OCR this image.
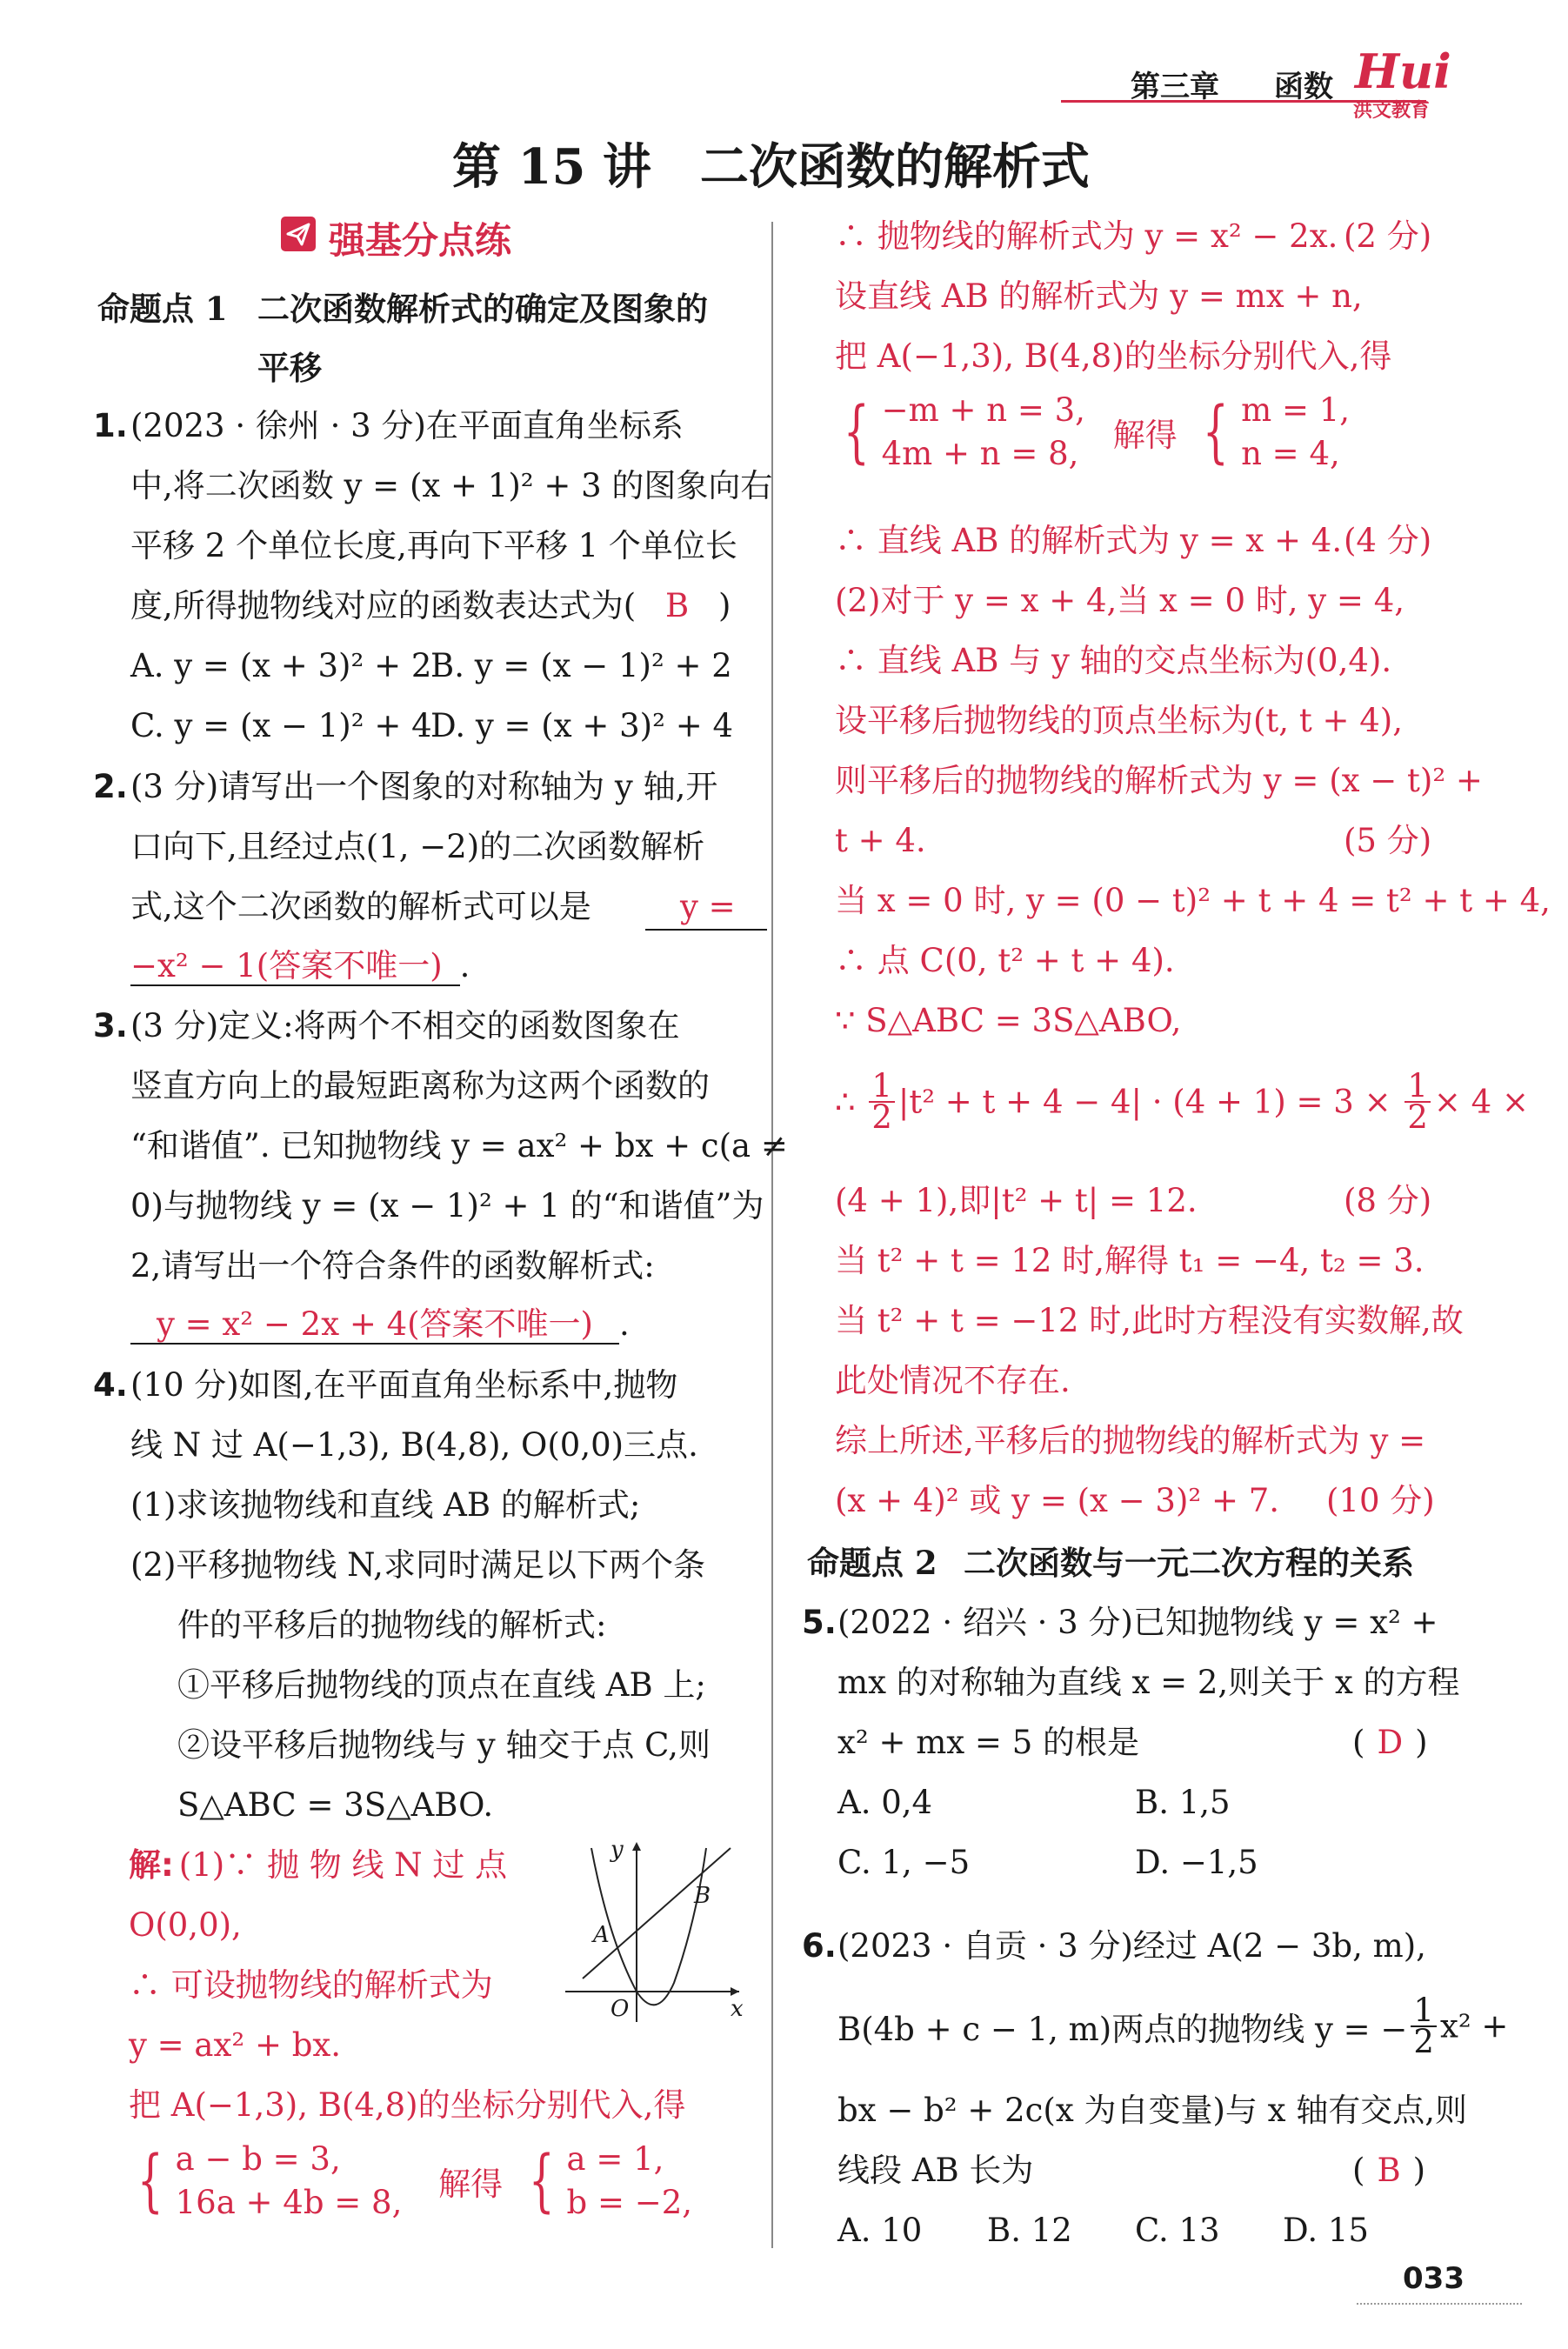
第三章 函数 Hui
洪文教育
第 15 讲　二次函数的解析式
强基分点练
命题点 1 二次函数解析式的确定及图象的
平移
1. (2023 · 徐州 · 3 分)在平面直角坐标系
中,将二次函数 y = (x + 1)² + 3 的图象向右
平移 2 个单位长度,再向下平移 1 个单位长
度,所得抛物线对应的函数表达式为( B )
A. y = (x + 3)² + 2
B. y = (x − 1)² + 2
C. y = (x − 1)² + 4
D. y = (x + 3)² + 4
2. (3 分)请写出一个图象的对称轴为 y 轴,开
口向下,且经过点(1, −2)的二次函数解析
式,这个二次函数的解析式可以是	y =
−x² − 1(答案不唯一) .
3. (3 分)定义:将两个不相交的函数图象在
竖直方向上的最短距离称为这两个函数的
“和谐值”. 已知抛物线 y = ax² + bx + c(a ≠
0)与抛物线 y = (x − 1)² + 1 的“和谐值”为
2,请写出一个符合条件的函数解析式:
y = x² − 2x + 4(答案不唯一) .
4. (10 分)如图,在平面直角坐标系中,抛物
线 N 过 A(−1,3), B(4,8), O(0,0)三点.
(1)求该抛物线和直线 AB 的解析式;
(2)平移抛物线 N,求同时满足以下两个条
件的平移后的抛物线的解析式:
①平移后抛物线的顶点在直线 AB 上;
②设平移后抛物线与 y 轴交于点 C,则
S△ABC = 3S△ABO.
解: (1)∵ 抛 物 线 N 过 点
O(0,0),
∴ 可设抛物线的解析式为
y = ax² + bx.
把 A(−1,3), B(4,8)的坐标分别代入,得
{ a − b = 3,
16a + 4b = 8, 解得 { a = 1,
b = −2,
y
x
O
A
B
∴ 抛物线的解析式为 y = x² − 2x. (2 分)
设直线 AB 的解析式为 y = mx + n,
把 A(−1,3), B(4,8)的坐标分别代入,得
{ −m + n = 3,
4m + n = 8, 解得 { m = 1,
n = 4,
∴ 直线 AB 的解析式为 y = x + 4. (4 分)
(2)对于 y = x + 4,当 x = 0 时, y = 4,
∴ 直线 AB 与 y 轴的交点坐标为(0,4).
设平移后抛物线的顶点坐标为(t, t + 4),
则平移后的抛物线的解析式为 y = (x − t)² +
t + 4.	(5 分)
当 x = 0 时, y = (0 − t)² + t + 4 = t² + t + 4,
∴ 点 C(0, t² + t + 4).
∵ S△ABC = 3S△ABO,
∴ $\frac{1}{2} |t^2 + t + 4 - 4| \cdot (4 + 1) = 3 \times \frac{1}{2} \times 4$ ×
(4 + 1),即|t² + t| = 12.	(8 分)
当 t² + t = 12 时,解得 t₁ = −4, t₂ = 3.
当 t² + t = −12 时,此时方程没有实数解,故
此处情况不存在.
综上所述,平移后的抛物线的解析式为 y =
(x + 4)² 或 y = (x − 3)² + 7. (10 分)
命题点 2 二次函数与一元二次方程的关系
5. (2022 · 绍兴 · 3 分)已知抛物线 y = x² +
mx 的对称轴为直线 x = 2,则关于 x 的方程
x² + mx = 5 的根是	( D )
A. 0,4	B. 1,5
C. 1, −5	D. −1,5
6. (2023 · 自贡 · 3 分)经过 A(2 − 3b, m),
B(4b + c − 1, m)两点的抛物线 y = − $\frac{1}{2} x^2$ +
bx − b² + 2c(x 为自变量)与 x 轴有交点,则
线段 AB 长为	( B )
A. 10 B. 12 C. 13 D. 15
033
